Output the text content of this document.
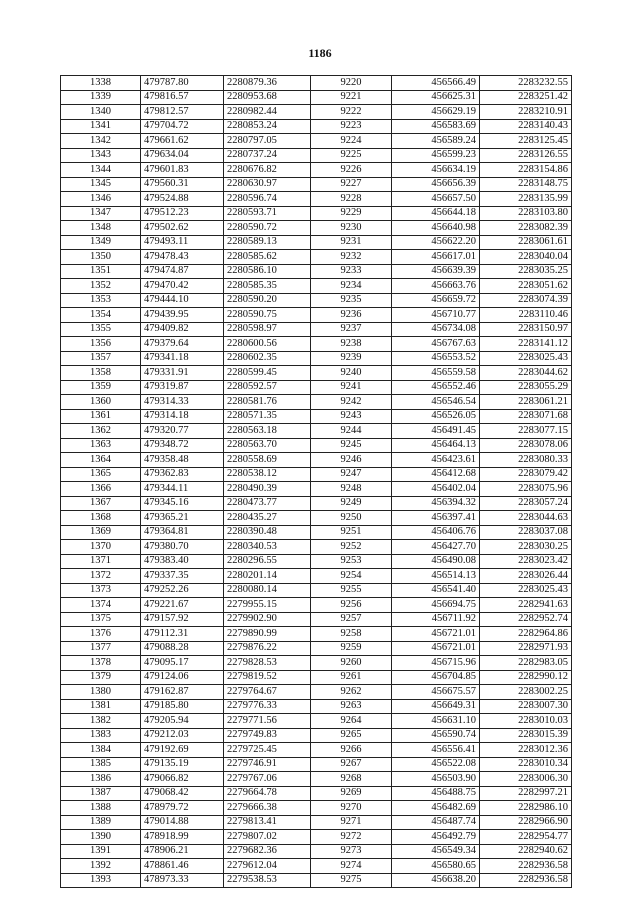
1186
1338	479787.80	2280879.36	9220	456566.49	2283232.55
1339	479816.57	2280953.68	9221	456625.31	2283251.42
1340	479812.57	2280982.44	9222	456629.19	2283210.91
1341	479704.72	2280853.24	9223	456583.69	2283140.43
1342	479661.62	2280797.05	9224	456589.24	2283125.45
1343	479634.04	2280737.24	9225	456599.23	2283126.55
1344	479601.83	2280676.82	9226	456634.19	2283154.86
1345	479560.31	2280630.97	9227	456656.39	2283148.75
1346	479524.88	2280596.74	9228	456657.50	2283135.99
1347	479512.23	2280593.71	9229	456644.18	2283103.80
1348	479502.62	2280590.72	9230	456640.98	2283082.39
1349	479493.11	2280589.13	9231	456622.20	2283061.61
1350	479478.43	2280585.62	9232	456617.01	2283040.04
1351	479474.87	2280586.10	9233	456639.39	2283035.25
1352	479470.42	2280585.35	9234	456663.76	2283051.62
1353	479444.10	2280590.20	9235	456659.72	2283074.39
1354	479439.95	2280590.75	9236	456710.77	2283110.46
1355	479409.82	2280598.97	9237	456734.08	2283150.97
1356	479379.64	2280600.56	9238	456767.63	2283141.12
1357	479341.18	2280602.35	9239	456553.52	2283025.43
1358	479331.91	2280599.45	9240	456559.58	2283044.62
1359	479319.87	2280592.57	9241	456552.46	2283055.29
1360	479314.33	2280581.76	9242	456546.54	2283061.21
1361	479314.18	2280571.35	9243	456526.05	2283071.68
1362	479320.77	2280563.18	9244	456491.45	2283077.15
1363	479348.72	2280563.70	9245	456464.13	2283078.06
1364	479358.48	2280558.69	9246	456423.61	2283080.33
1365	479362.83	2280538.12	9247	456412.68	2283079.42
1366	479344.11	2280490.39	9248	456402.04	2283075.96
1367	479345.16	2280473.77	9249	456394.32	2283057.24
1368	479365.21	2280435.27	9250	456397.41	2283044.63
1369	479364.81	2280390.48	9251	456406.76	2283037.08
1370	479380.70	2280340.53	9252	456427.70	2283030.25
1371	479383.40	2280296.55	9253	456490.08	2283023.42
1372	479337.35	2280201.14	9254	456514.13	2283026.44
1373	479252.26	2280080.14	9255	456541.40	2283025.43
1374	479221.67	2279955.15	9256	456694.75	2282941.63
1375	479157.92	2279902.90	9257	456711.92	2282952.74
1376	479112.31	2279890.99	9258	456721.01	2282964.86
1377	479088.28	2279876.22	9259	456721.01	2282971.93
1378	479095.17	2279828.53	9260	456715.96	2282983.05
1379	479124.06	2279819.52	9261	456704.85	2282990.12
1380	479162.87	2279764.67	9262	456675.57	2283002.25
1381	479185.80	2279776.33	9263	456649.31	2283007.30
1382	479205.94	2279771.56	9264	456631.10	2283010.03
1383	479212.03	2279749.83	9265	456590.74	2283015.39
1384	479192.69	2279725.45	9266	456556.41	2283012.36
1385	479135.19	2279746.91	9267	456522.08	2283010.34
1386	479066.82	2279767.06	9268	456503.90	2283006.30
1387	479068.42	2279664.78	9269	456488.75	2282997.21
1388	478979.72	2279666.38	9270	456482.69	2282986.10
1389	479014.88	2279813.41	9271	456487.74	2282966.90
1390	478918.99	2279807.02	9272	456492.79	2282954.77
1391	478906.21	2279682.36	9273	456549.34	2282940.62
1392	478861.46	2279612.04	9274	456580.65	2282936.58
1393	478973.33	2279538.53	9275	456638.20	2282936.58
